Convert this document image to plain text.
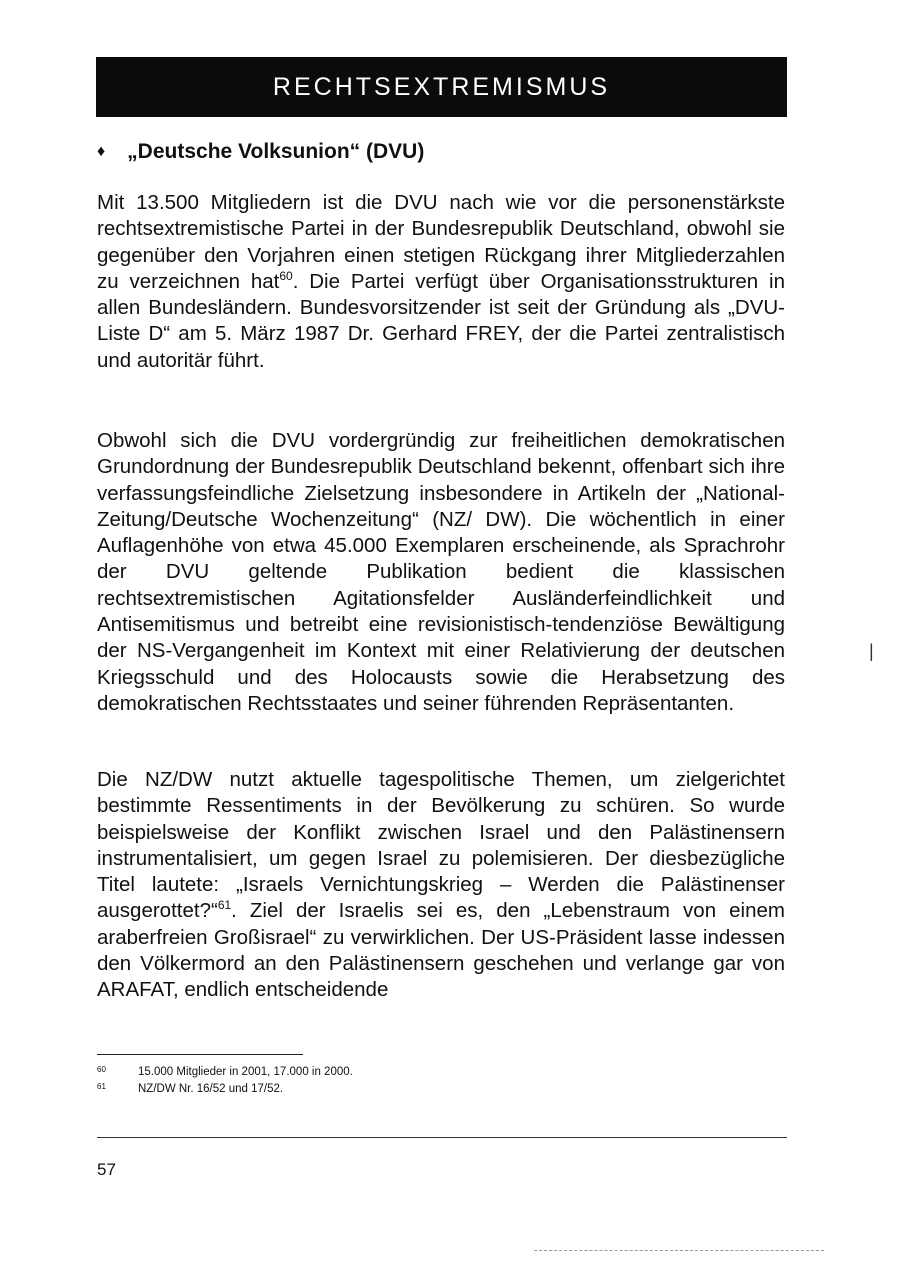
RECHTSEXTREMISMUS
♦ „Deutsche Volksunion“ (DVU)

Mit 13.500 Mitgliedern ist die DVU nach wie vor die personenstärkste rechtsextremistische Partei in der Bundesrepublik Deutschland, obwohl sie gegenüber den Vorjahren einen stetigen Rückgang ihrer Mitgliederzahlen zu verzeichnen hat$^{60}$. Die Partei verfügt über Organisationsstrukturen in allen Bundesländern. Bundesvorsitzender ist seit der Gründung als „DVU-Liste D“ am 5. März 1987 Dr. Gerhard FREY, der die Partei zentralistisch und autoritär führt.

Obwohl sich die DVU vordergründig zur freiheitlichen demokratischen Grundordnung der Bundesrepublik Deutschland bekennt, offenbart sich ihre verfassungsfeindliche Zielsetzung insbesondere in Artikeln der „National-Zeitung/Deutsche Wochenzeitung“ (NZ/ DW). Die wöchentlich in einer Auflagenhöhe von etwa 45.000 Exemplaren erscheinende, als Sprachrohr der DVU geltende Publikation bedient die klassischen rechtsextremistischen Agitationsfelder Ausländerfeindlichkeit und Antisemitismus und betreibt eine revisionistisch-tendenziöse Bewältigung der NS-Vergangenheit im Kontext mit einer Relativierung der deutschen Kriegsschuld und des Holocausts sowie die Herabsetzung des demokratischen Rechtsstaates und seiner führenden Repräsentanten.

Die NZ/DW nutzt aktuelle tagespolitische Themen, um zielgerichtet bestimmte Ressentiments in der Bevölkerung zu schüren. So wurde beispielsweise der Konflikt zwischen Israel und den Palästinensern instrumentalisiert, um gegen Israel zu polemisieren. Der diesbezügliche Titel lautete: „Israels Vernichtungskrieg – Werden die Palästinenser ausgerottet?“$^{61}$. Ziel der Israelis sei es, den „Lebenstraum von einem araberfreien Großisrael“ zu verwirklichen. Der US-Präsident lasse indessen den Völkermord an den Palästinensern geschehen und verlange gar von ARAFAT, endlich entscheidende

|
60	15.000 Mitglieder in 2001, 17.000 in 2000.
61	NZ/DW Nr. 16/52 und 17/52.
57
